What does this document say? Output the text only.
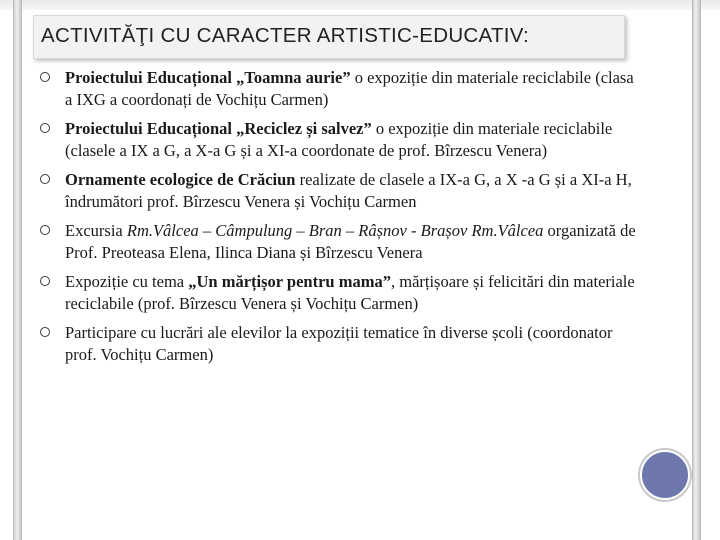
ACTIVITĂŢI CU CARACTER ARTISTIC-EDUCATIV:
Proiectului Educațional „Toamna aurie” o expoziție din materiale reciclabile (clasa a IXG a coordonați de Vochițu Carmen)
Proiectului Educațional „Reciclez și salvez” o expoziție din materiale reciclabile (clasele a IX a G, a X-a G și a XI-a coordonate de prof. Bîrzescu Venera)
Ornamente ecologice de Crăciun realizate de clasele a IX-a G, a X -a G și a XI-a H, îndrumători prof. Bîrzescu Venera și Vochițu Carmen
Excursia Rm.Vâlcea – Câmpulung – Bran – Râșnov - Brașov Rm.Vâlcea organizată de Prof. Preoteasa Elena, Ilinca Diana și Bîrzescu Venera
Expoziție cu tema „Un mărțișor pentru mama”, mărțișoare și felicitări din materiale reciclabile (prof. Bîrzescu Venera și Vochițu Carmen)
Participare cu lucrări ale elevilor la expoziții tematice în diverse școli (coordonator prof. Vochițu Carmen)
